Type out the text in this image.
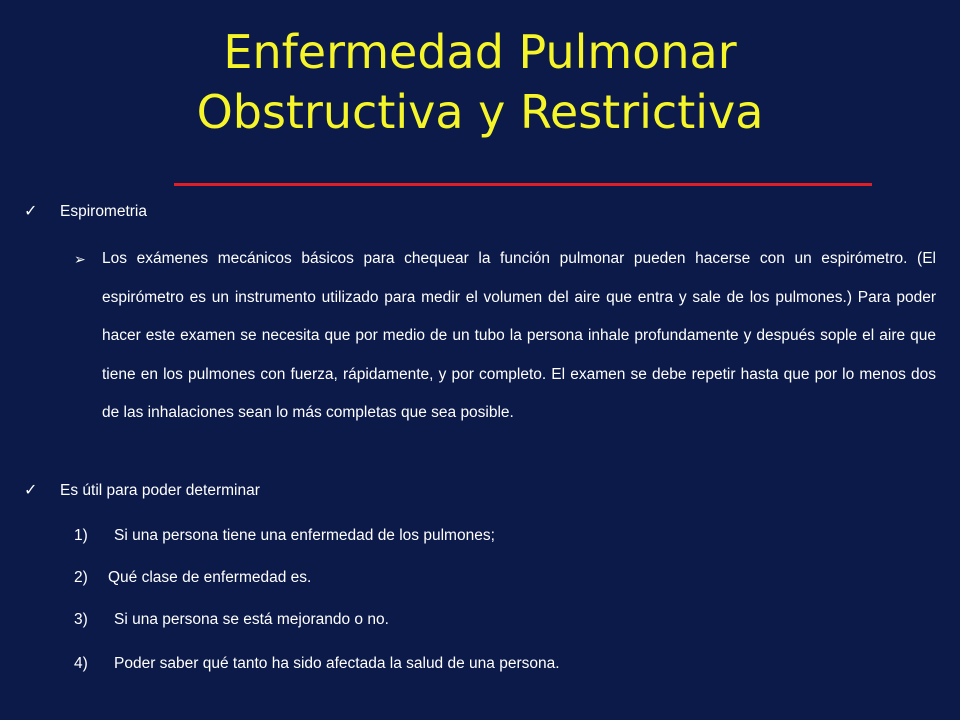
Enfermedad Pulmonar
Obstructiva y Restrictiva
✓	Espirometria
➢	Los exámenes mecánicos básicos para chequear la función pulmonar pueden hacerse con un espirómetro. (El espirómetro es un instrumento utilizado para medir el volumen del aire que entra y sale de los pulmones.) Para poder hacer este examen se necesita que por medio de un tubo la persona inhale profundamente y después sople el aire que tiene en los pulmones con fuerza, rápidamente, y por completo. El examen se debe repetir hasta que por lo menos dos de las inhalaciones sean lo más completas que sea posible.
✓	Es útil para poder determinar
1)	Si una persona tiene una enfermedad de los pulmones;
2)	Qué clase de enfermedad es.
3)	Si una persona se está mejorando o no.
4)	Poder saber qué tanto ha sido afectada la salud de una persona.
